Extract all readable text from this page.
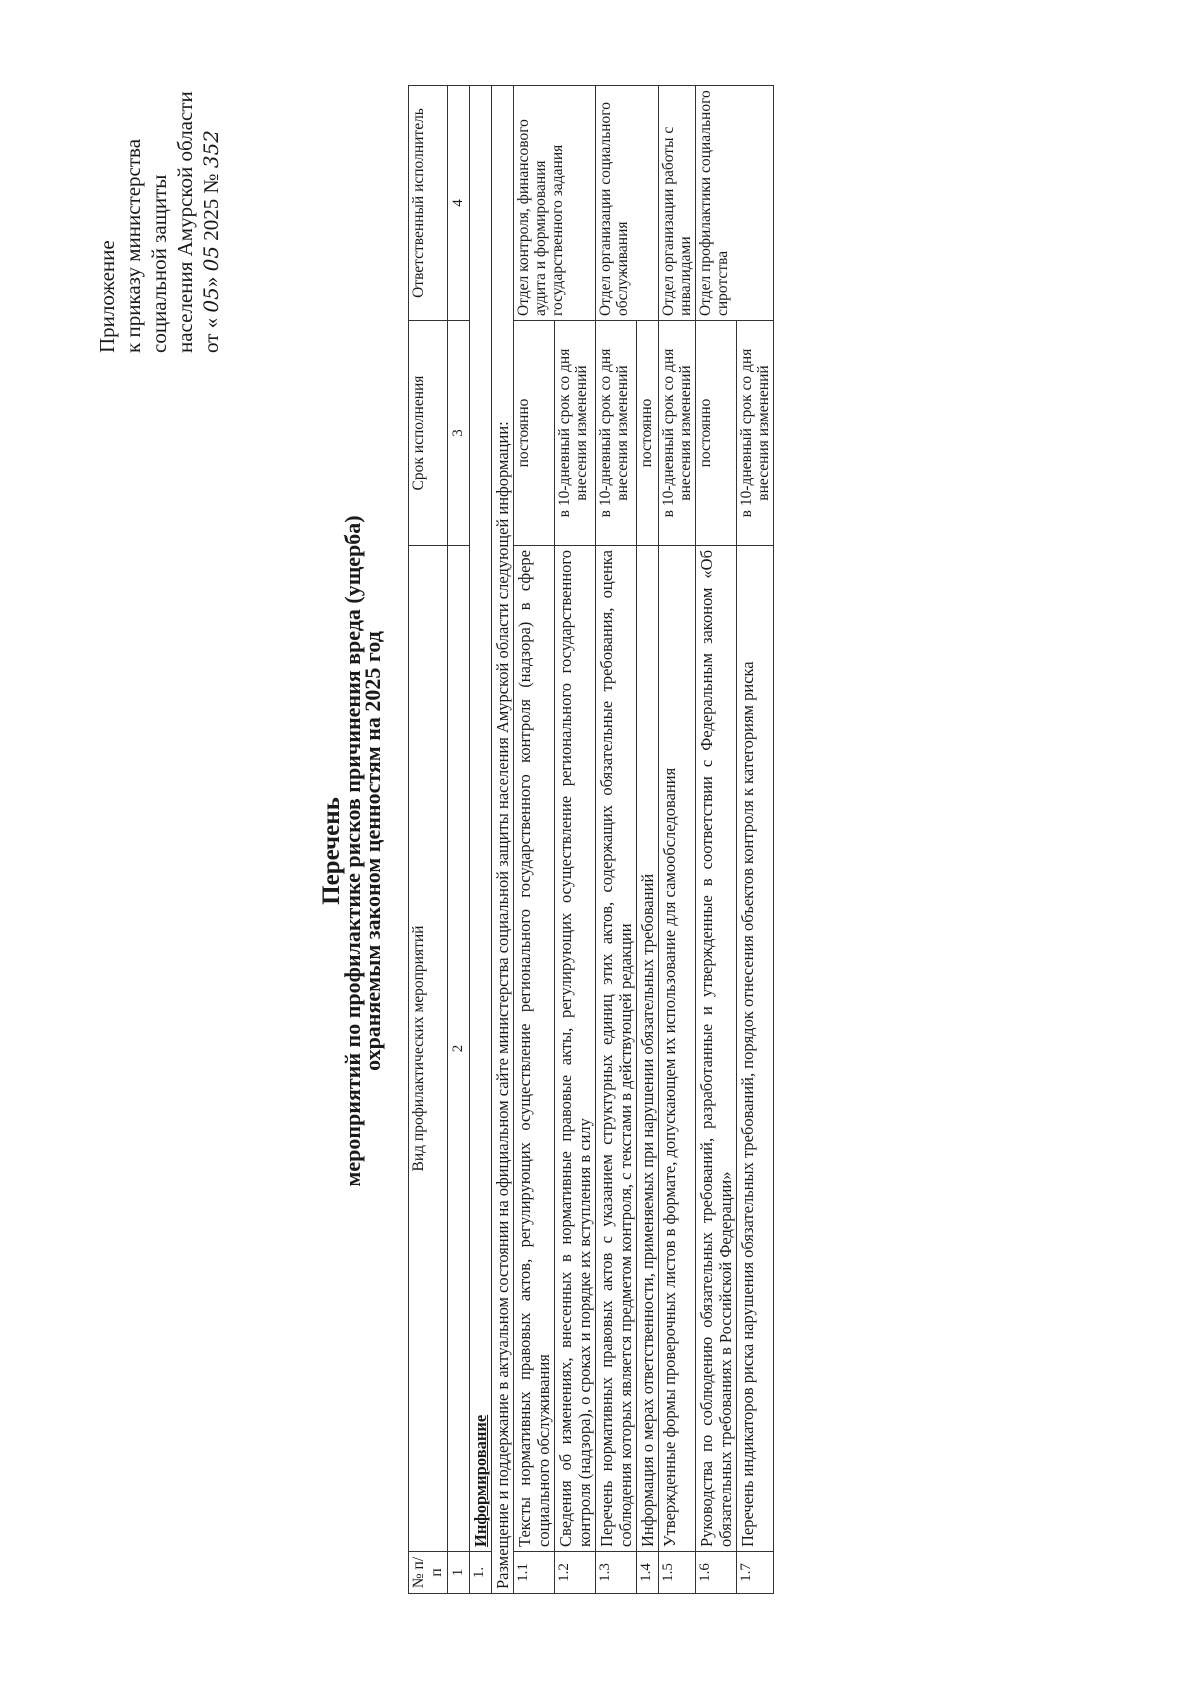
Приложение к приказу министерства социальной защиты населения Амурской области от « 05» 05 2025 № 352
Перечень
мероприятий по профилактике рисков причинения вреда (ущерба)
охраняемым законом ценностям на 2025 год
№ п/п	Вид профилактических мероприятий	Срок исполнения	Ответственный исполнитель
1	2	3	4
1.	Информирование		
Размещение и поддержание в актуальном состоянии на официальном сайте министерства социальной защиты населения Амурской области следующей информации:			
1.1	Тексты нормативных правовых актов, регулирующих осуществление регионального государственного контроля (надзора) в сфере социального обслуживания	постоянно	Отдел контроля, финансового аудита и формирования государственного задания
1.2	Сведения об изменениях, внесенных в нормативные правовые акты, регулирующих осуществление регионального государственного контроля (надзора), о сроках и порядке их вступления в силу	в 10-дневный срок со дня внесения изменений	
1.3	Перечень нормативных правовых актов с указанием структурных единиц этих актов, содержащих обязательные требования, оценка соблюдения которых является предметом контроля, с текстами в действующей редакции	в 10-дневный срок со дня внесения изменений	Отдел организации социального обслуживания
1.4	Информация о мерах ответственности, применяемых при нарушении обязательных требований	постоянно	
1.5	Утвержденные формы проверочных листов в формате, допускающем их использование для самообследования	в 10-дневный срок со дня внесения изменений	Отдел организации работы с инвалидами
1.6	Руководства по соблюдению обязательных требований, разработанные и утвержденные в соответствии с Федеральным законом «Об обязательных требованиях в Российской Федерации»	постоянно	Отдел профилактики социального сиротства
1.7	Перечень индикаторов риска нарушения обязательных требований, порядок отнесения объектов контроля к категориям риска	в 10-дневный срок со дня внесения изменений	
